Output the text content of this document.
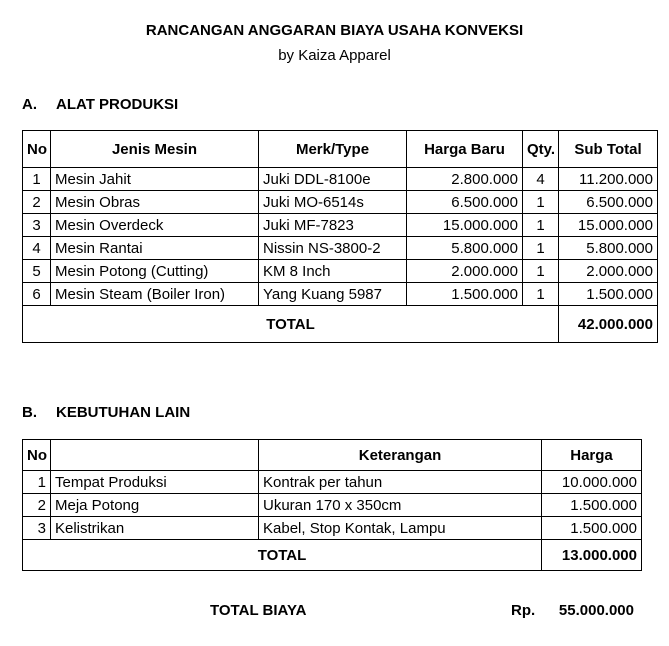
RANCANGAN ANGGARAN BIAYA USAHA KONVEKSI
by Kaiza Apparel
A. ALAT PRODUKSI
No	Jenis Mesin	Merk/Type	Harga Baru	Qty.	Sub Total
1	Mesin Jahit	Juki DDL-8100e	2.800.000	4	11.200.000
2	Mesin Obras	Juki MO-6514s	6.500.000	1	6.500.000
3	Mesin Overdeck	Juki MF-7823	15.000.000	1	15.000.000
4	Mesin Rantai	Nissin NS-3800-2	5.800.000	1	5.800.000
5	Mesin Potong (Cutting)	KM 8 Inch	2.000.000	1	2.000.000
6	Mesin Steam (Boiler Iron)	Yang Kuang 5987	1.500.000	1	1.500.000
TOTAL					42.000.000
B. KEBUTUHAN LAIN
No		Keterangan	Harga
1	Tempat Produksi	Kontrak per tahun	10.000.000
2	Meja Potong	Ukuran 170 x 350cm	1.500.000
3	Kelistrikan	Kabel, Stop Kontak, Lampu	1.500.000
TOTAL			13.000.000
TOTAL BIAYA	Rp.	55.000.000
